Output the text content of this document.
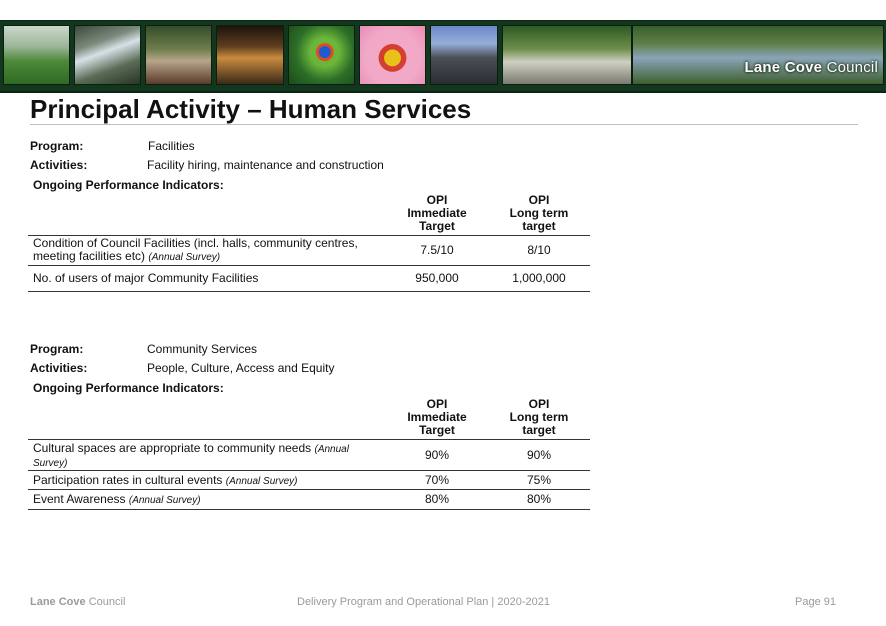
Lane Cove Council
Principal Activity – Human Services
Program:	Facilities
Activities:	Facility hiring, maintenance and construction
Ongoing Performance Indicators:
	OPI
Immediate
Target	OPI
Long term
target
Condition of Council Facilities (incl. halls, community centres, meeting facilities etc) (Annual Survey)	7.5/10	8/10
No. of users of major Community Facilities	950,000	1,000,000
Program:	Community Services
Activities:	People, Culture, Access and Equity
Ongoing Performance Indicators:
	OPI
Immediate
Target	OPI
Long term
target
Cultural spaces are appropriate to community needs (Annual Survey)	90%	90%
Participation rates in cultural events (Annual Survey)	70%	75%
Event Awareness (Annual Survey)	80%	80%
Lane Cove Council	Delivery Program and Operational Plan | 2020-2021	Page 91
